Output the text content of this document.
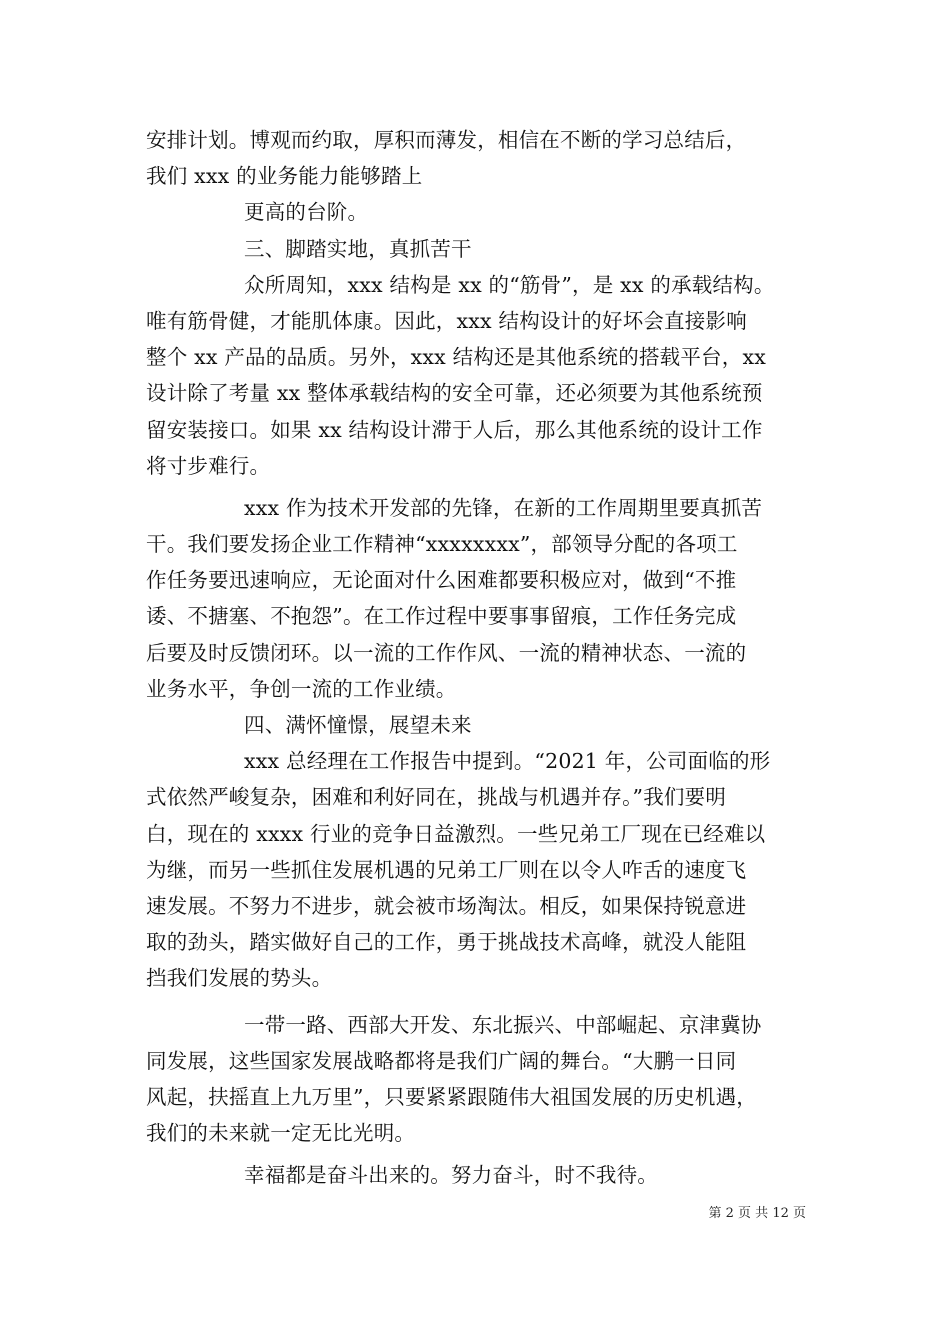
安排计划。博观而约取，厚积而薄发，相信在不断的学习总结后，
我们 xxx 的业务能力能够踏上
更高的台阶。
三、脚踏实地，真抓苦干
众所周知，xxx 结构是 xx 的“筋骨”，是 xx 的承载结构。
唯有筋骨健，才能肌体康。因此，xxx 结构设计的好坏会直接影响
整个 xx 产品的品质。另外，xxx 结构还是其他系统的搭载平台，xx
设计除了考量 xx 整体承载结构的安全可靠，还必须要为其他系统预
留安装接口。如果 xx 结构设计滞于人后，那么其他系统的设计工作
将寸步难行。
xxx 作为技术开发部的先锋，在新的工作周期里要真抓苦
干。我们要发扬企业工作精神“xxxxxxxx”，部领导分配的各项工
作任务要迅速响应，无论面对什么困难都要积极应对，做到“不推
诿、不搪塞、不抱怨”。在工作过程中要事事留痕，工作任务完成
后要及时反馈闭环。以一流的工作作风、一流的精神状态、一流的
业务水平，争创一流的工作业绩。
四、满怀憧憬，展望未来
xxx 总经理在工作报告中提到。“2021 年，公司面临的形
式依然严峻复杂，困难和利好同在，挑战与机遇并存。”我们要明
白，现在的 xxxx 行业的竞争日益激烈。一些兄弟工厂现在已经难以
为继，而另一些抓住发展机遇的兄弟工厂则在以令人咋舌的速度飞
速发展。不努力不进步，就会被市场淘汰。相反，如果保持锐意进
取的劲头，踏实做好自己的工作，勇于挑战技术高峰，就没人能阻
挡我们发展的势头。
一带一路、西部大开发、东北振兴、中部崛起、京津冀协
同发展，这些国家发展战略都将是我们广阔的舞台。“大鹏一日同
风起，扶摇直上九万里”，只要紧紧跟随伟大祖国发展的历史机遇，
我们的未来就一定无比光明。
幸福都是奋斗出来的。努力奋斗，时不我待。
第 2 页 共 12 页
